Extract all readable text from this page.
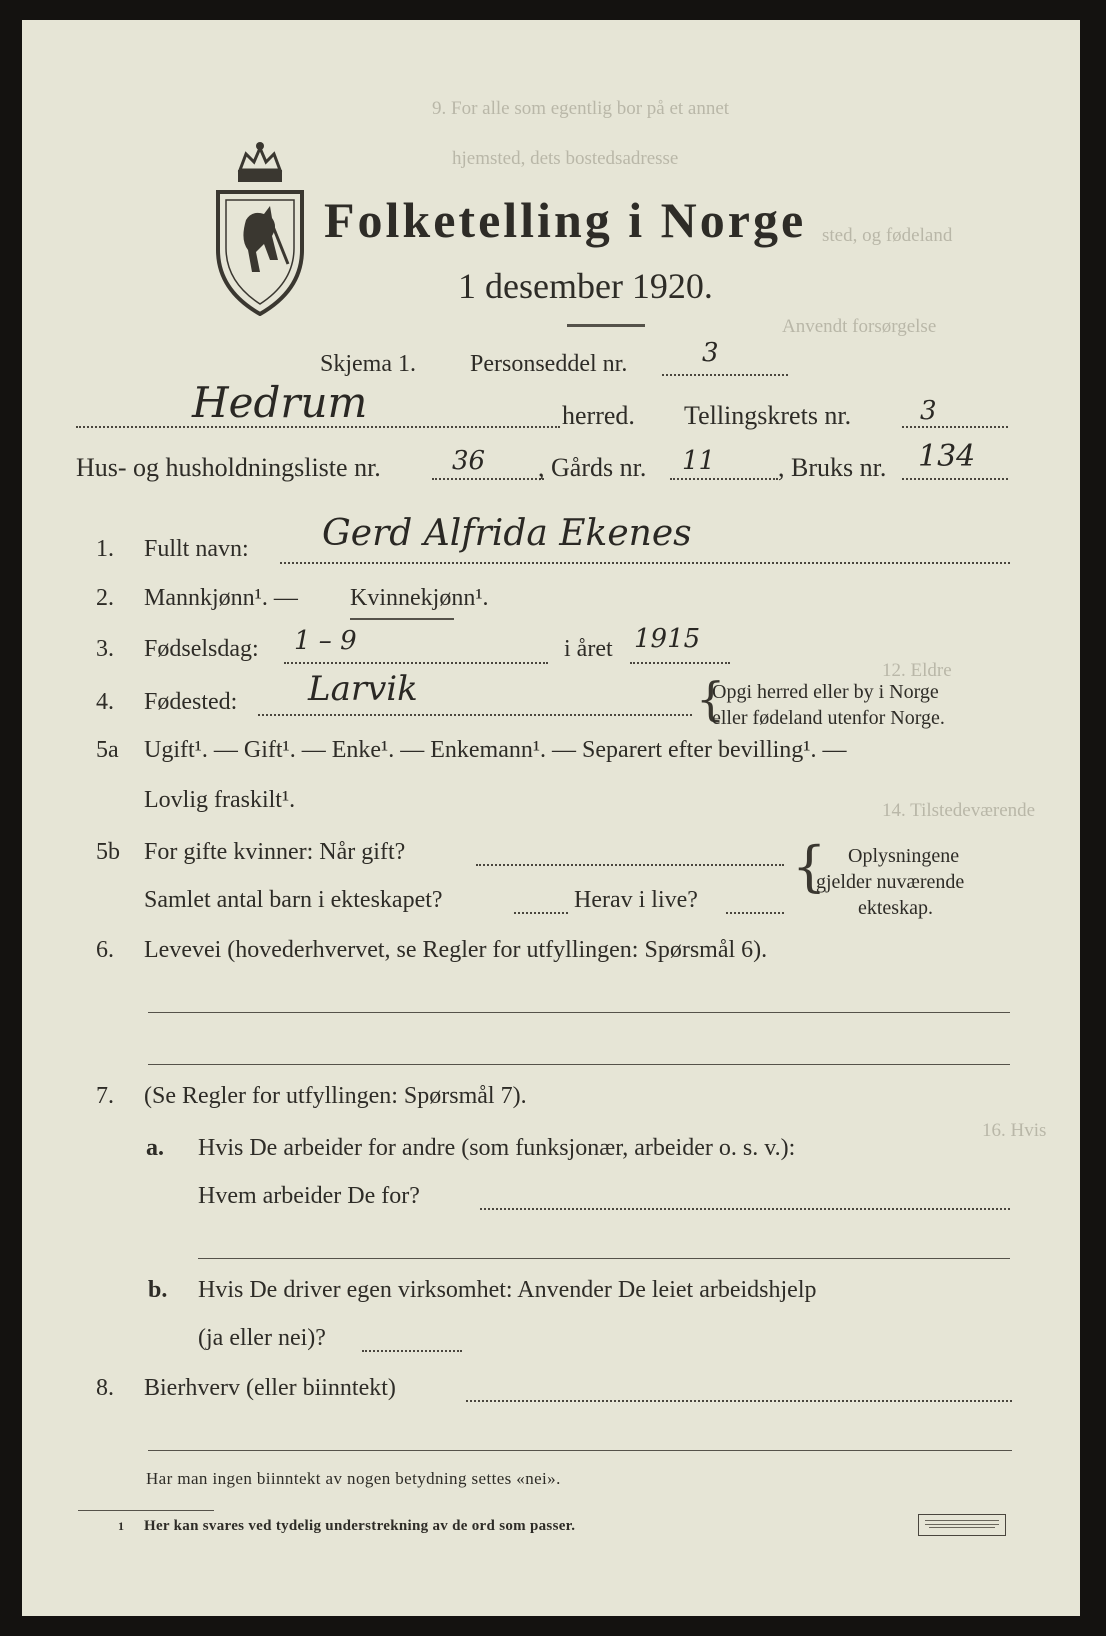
9. For alle som egentlig bor på et annet
hjemsted, dets bostedsadresse
sted, og fødeland
Anvendt forsørgelse
12. Eldre
14. Tilstedeværende
16. Hvis
Folketelling i Norge
1 desember 1920.
Skjema 1. Personseddel nr.	3
Hedrum	herred. Tellingskrets nr.	3
Hus- og husholdningsliste nr.	36 , Gårds nr. 11 , Bruks nr. 134
1. Fullt navn: Gerd Alfrida Ekenes
2. Mannkjønn¹. — Kvinnekjønn¹.
3. Fødselsdag: 1 – 9	i året 1915
4. Fødested: Larvik	{
Opgi herred eller by i Norge
eller fødeland utenfor Norge.
5a Ugift¹. — Gift¹. — Enke¹. — Enkemann¹. — Separert efter bevilling¹. —
Lovlig fraskilt¹.
5b For gifte kvinner: Når gift?
Samlet antal barn i ekteskapet?	Herav i live?
{ Oplysningene
gjelder nuværende
ekteskap.
6. Levevei (hovederhvervet, se Regler for utfyllingen: Spørsmål 6).
7. (Se Regler for utfyllingen: Spørsmål 7).
a. Hvis De arbeider for andre (som funksjonær, arbeider o. s. v.):
Hvem arbeider De for?
b. Hvis De driver egen virksomhet: Anvender De leiet arbeidshjelp
(ja eller nei)?
8. Bierhverv (eller biinntekt)
Har man ingen biinntekt av nogen betydning settes «nei».
1 Her kan svares ved tydelig understrekning av de ord som passer.
